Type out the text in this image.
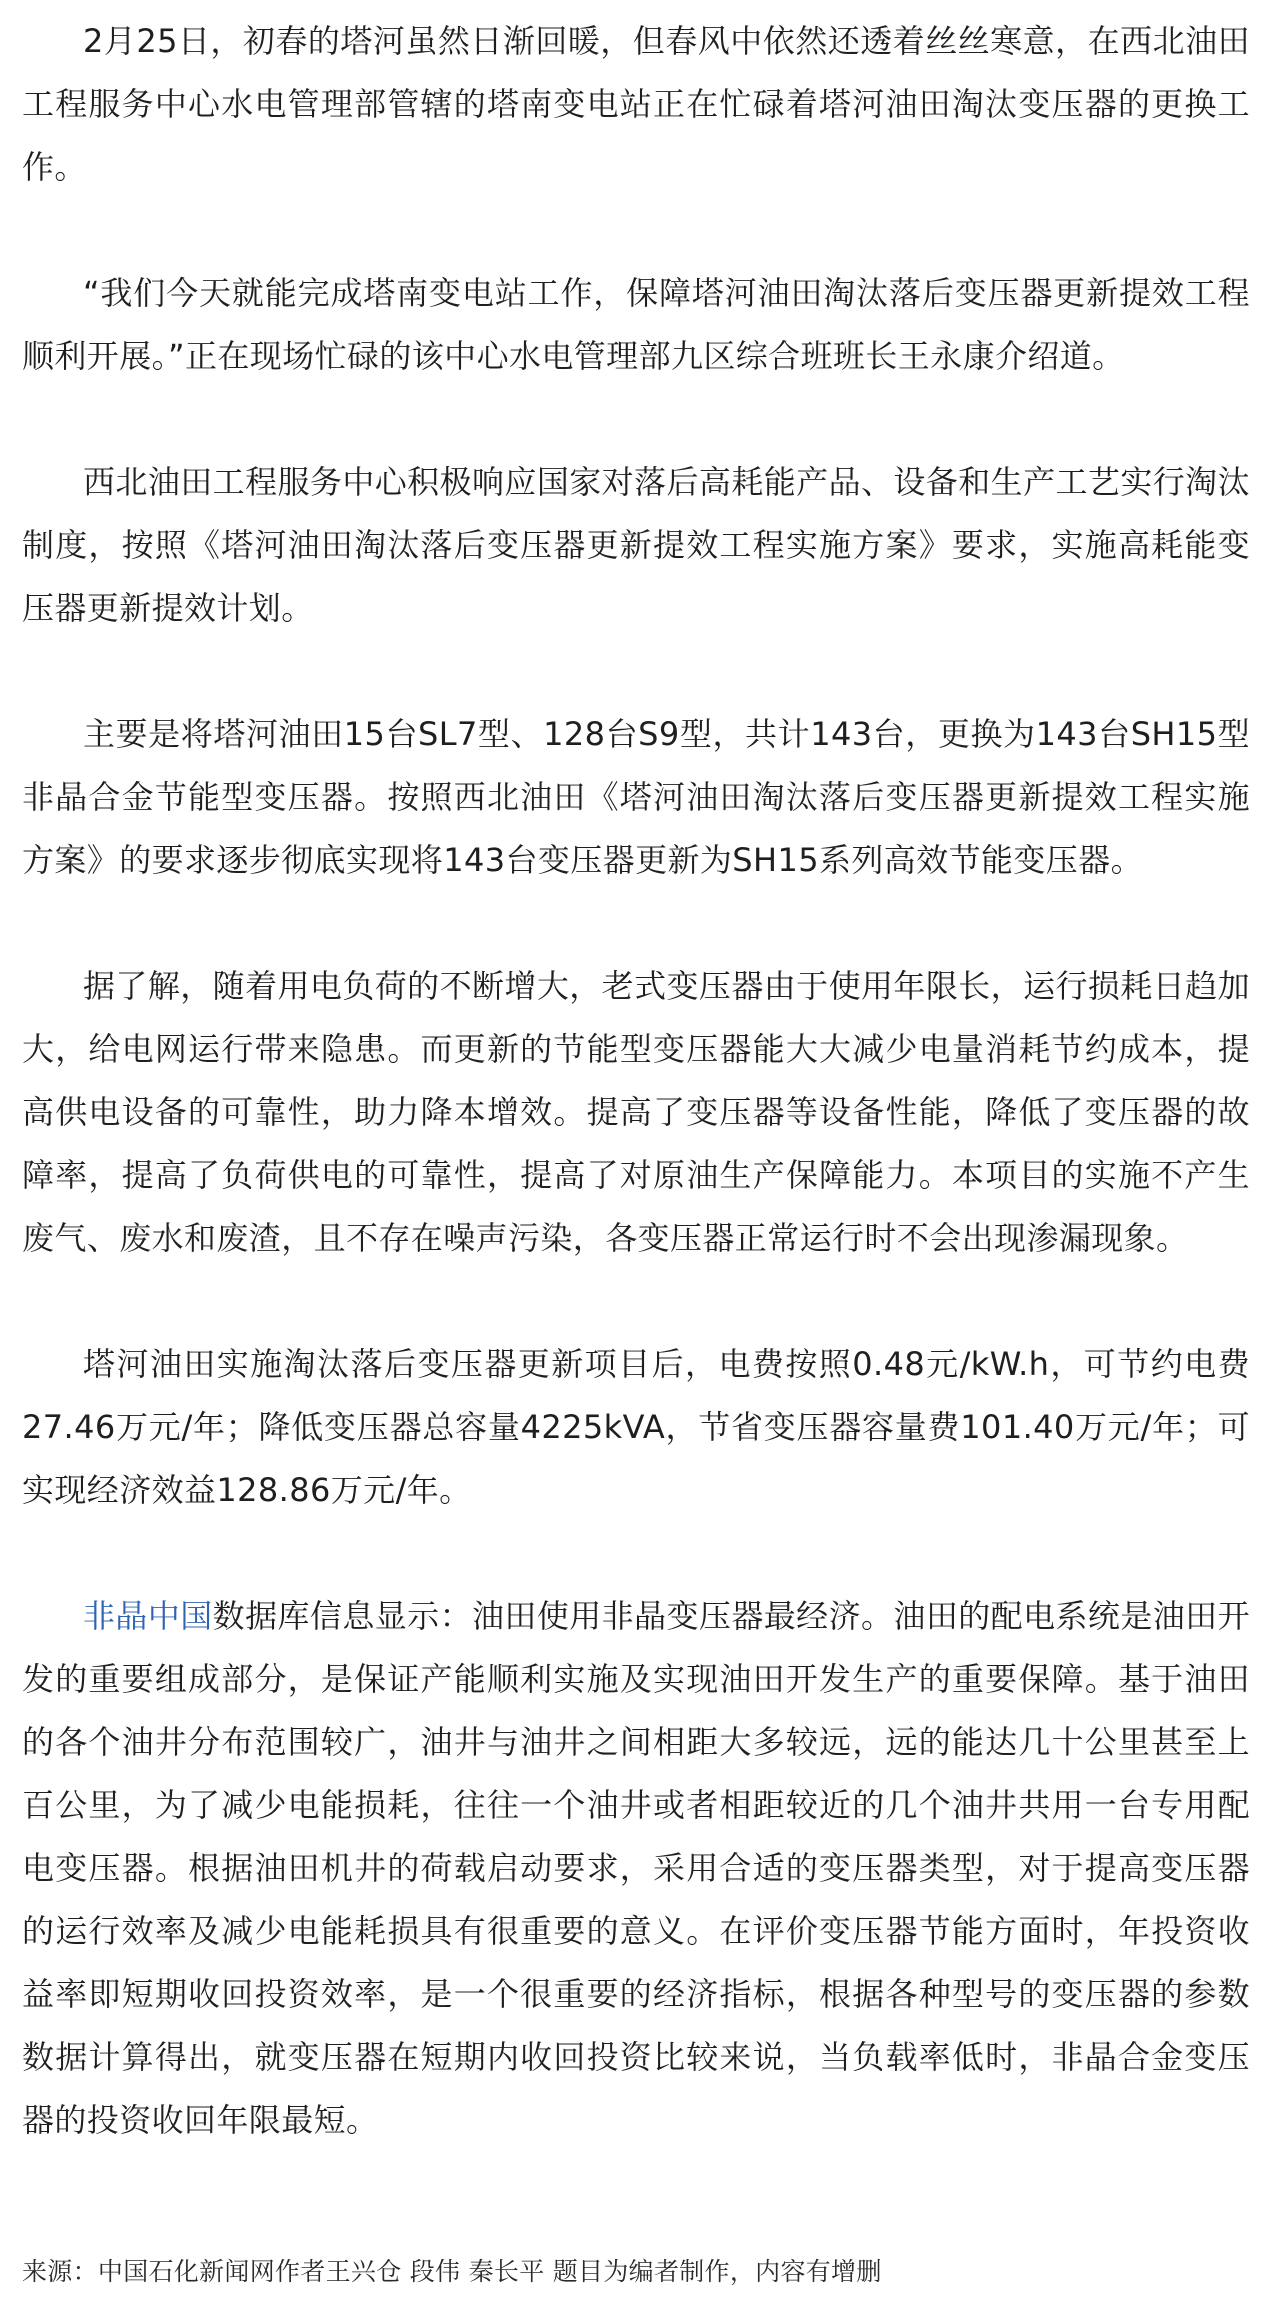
2月25日，初春的塔河虽然日渐回暖，但春风中依然还透着丝丝寒意，在西北油田工程服务中心水电管理部管辖的塔南变电站正在忙碌着塔河油田淘汰变压器的更换工作。

“我们今天就能完成塔南变电站工作，保障塔河油田淘汰落后变压器更新提效工程顺利开展。”正在现场忙碌的该中心水电管理部九区综合班班长王永康介绍道。

西北油田工程服务中心积极响应国家对落后高耗能产品、设备和生产工艺实行淘汰制度，按照《塔河油田淘汰落后变压器更新提效工程实施方案》要求，实施高耗能变压器更新提效计划。

主要是将塔河油田15台SL7型、128台S9型，共计143台，更换为143台SH15型非晶合金节能型变压器。按照西北油田《塔河油田淘汰落后变压器更新提效工程实施方案》的要求逐步彻底实现将143台变压器更新为SH15系列高效节能变压器。

据了解，随着用电负荷的不断增大，老式变压器由于使用年限长，运行损耗日趋加大，给电网运行带来隐患。而更新的节能型变压器能大大减少电量消耗节约成本，提高供电设备的可靠性，助力降本增效。提高了变压器等设备性能，降低了变压器的故障率，提高了负荷供电的可靠性，提高了对原油生产保障能力。本项目的实施不产生废气、废水和废渣，且不存在噪声污染，各变压器正常运行时不会出现渗漏现象。

塔河油田实施淘汰落后变压器更新项目后，电费按照0.48元/kW.h，可节约电费27.46万元/年；降低变压器总容量4225kVA，节省变压器容量费101.40万元/年；可实现经济效益128.86万元/年。

非晶中国数据库信息显示：油田使用非晶变压器最经济。油田的配电系统是油田开发的重要组成部分，是保证产能顺利实施及实现油田开发生产的重要保障。基于油田的各个油井分布范围较广，油井与油井之间相距大多较远，远的能达几十公里甚至上百公里，为了减少电能损耗，往往一个油井或者相距较近的几个油井共用一台专用配电变压器。根据油田机井的荷载启动要求，采用合适的变压器类型，对于提高变压器的运行效率及减少电能耗损具有很重要的意义。在评价变压器节能方面时，年投资收益率即短期收回投资效率，是一个很重要的经济指标，根据各种型号的变压器的参数数据计算得出，就变压器在短期内收回投资比较来说，当负载率低时，非晶合金变压器的投资收回年限最短。

来源：中国石化新闻网作者王兴仓 段伟 秦长平 题目为编者制作，内容有增删
